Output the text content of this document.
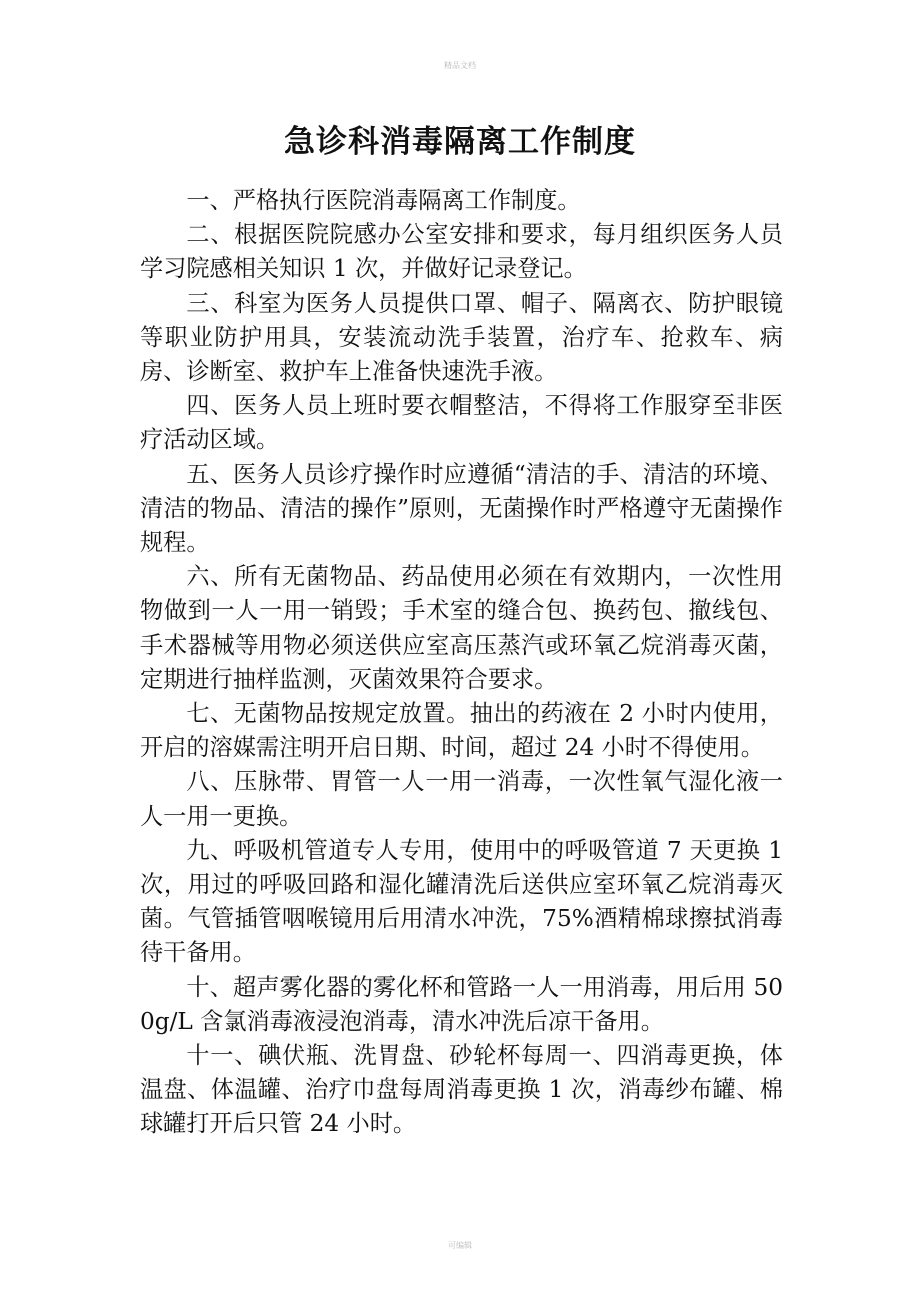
精品文档
急诊科消毒隔离工作制度

一、严格执行医院消毒隔离工作制度。

二、根据医院院感办公室安排和要求，每月组织医务人员学习院感相关知识 1 次，并做好记录登记。

三、科室为医务人员提供口罩、帽子、隔离衣、防护眼镜等职业防护用具，安装流动洗手装置，治疗车、抢救车、病房、诊断室、救护车上准备快速洗手液。

四、医务人员上班时要衣帽整洁，不得将工作服穿至非医疗活动区域。

五、医务人员诊疗操作时应遵循“清洁的手、清洁的环境、清洁的物品、清洁的操作”原则，无菌操作时严格遵守无菌操作规程。

六、所有无菌物品、药品使用必须在有效期内，一次性用物做到一人一用一销毁；手术室的缝合包、换药包、撤线包、手术器械等用物必须送供应室高压蒸汽或环氧乙烷消毒灭菌，定期进行抽样监测，灭菌效果符合要求。

七、无菌物品按规定放置。抽出的药液在 2 小时内使用，开启的溶媒需注明开启日期、时间，超过 24 小时不得使用。

八、压脉带、胃管一人一用一消毒，一次性氧气湿化液一人一用一更换。

九、呼吸机管道专人专用，使用中的呼吸管道 7 天更换 1 次，用过的呼吸回路和湿化罐清洗后送供应室环氧乙烷消毒灭菌。气管插管咽喉镜用后用清水冲洗，75%酒精棉球擦拭消毒待干备用。

十、超声雾化器的雾化杯和管路一人一用消毒，用后用 500g/L 含氯消毒液浸泡消毒，清水冲洗后凉干备用。

十一、碘伏瓶、洗胃盘、砂轮杯每周一、四消毒更换，体温盘、体温罐、治疗巾盘每周消毒更换 1 次，消毒纱布罐、棉球罐打开后只管 24 小时。

可编辑
